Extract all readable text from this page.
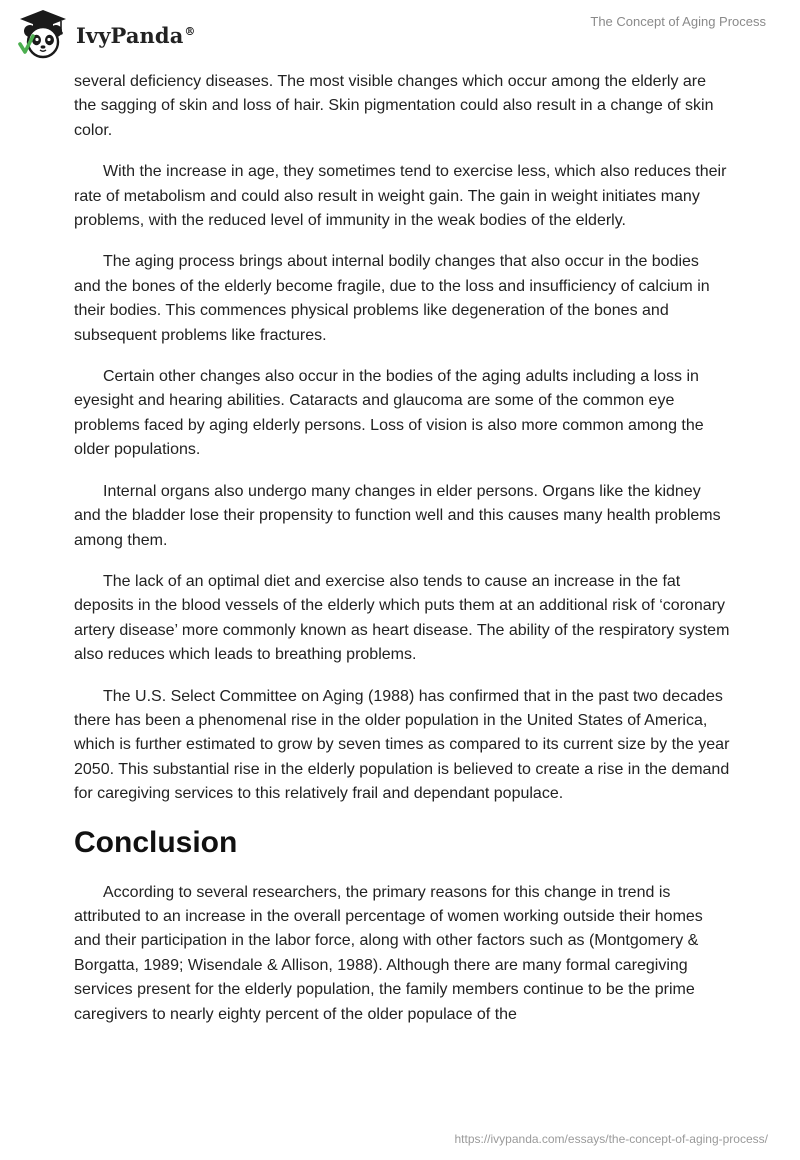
IvyPanda®
The Concept of Aging Process

several deficiency diseases. The most visible changes which occur among the elderly are the sagging of skin and loss of hair. Skin pigmentation could also result in a change of skin color.

With the increase in age, they sometimes tend to exercise less, which also reduces their rate of metabolism and could also result in weight gain. The gain in weight initiates many problems, with the reduced level of immunity in the weak bodies of the elderly.

The aging process brings about internal bodily changes that also occur in the bodies and the bones of the elderly become fragile, due to the loss and insufficiency of calcium in their bodies. This commences physical problems like degeneration of the bones and subsequent problems like fractures.

Certain other changes also occur in the bodies of the aging adults including a loss in eyesight and hearing abilities. Cataracts and glaucoma are some of the common eye problems faced by aging elderly persons. Loss of vision is also more common among the older populations.

Internal organs also undergo many changes in elder persons. Organs like the kidney and the bladder lose their propensity to function well and this causes many health problems among them.

The lack of an optimal diet and exercise also tends to cause an increase in the fat deposits in the blood vessels of the elderly which puts them at an additional risk of ‘coronary artery disease’ more commonly known as heart disease. The ability of the respiratory system also reduces which leads to breathing problems.

The U.S. Select Committee on Aging (1988) has confirmed that in the past two decades there has been a phenomenal rise in the older population in the United States of America, which is further estimated to grow by seven times as compared to its current size by the year 2050. This substantial rise in the elderly population is believed to create a rise in the demand for caregiving services to this relatively frail and dependant populace.

Conclusion

According to several researchers, the primary reasons for this change in trend is attributed to an increase in the overall percentage of women working outside their homes and their participation in the labor force, along with other factors such as (Montgomery & Borgatta, 1989; Wisendale & Allison, 1988). Although there are many formal caregiving services present for the elderly population, the family members continue to be the prime caregivers to nearly eighty percent of the older populace of the

https://ivypanda.com/essays/the-concept-of-aging-process/
